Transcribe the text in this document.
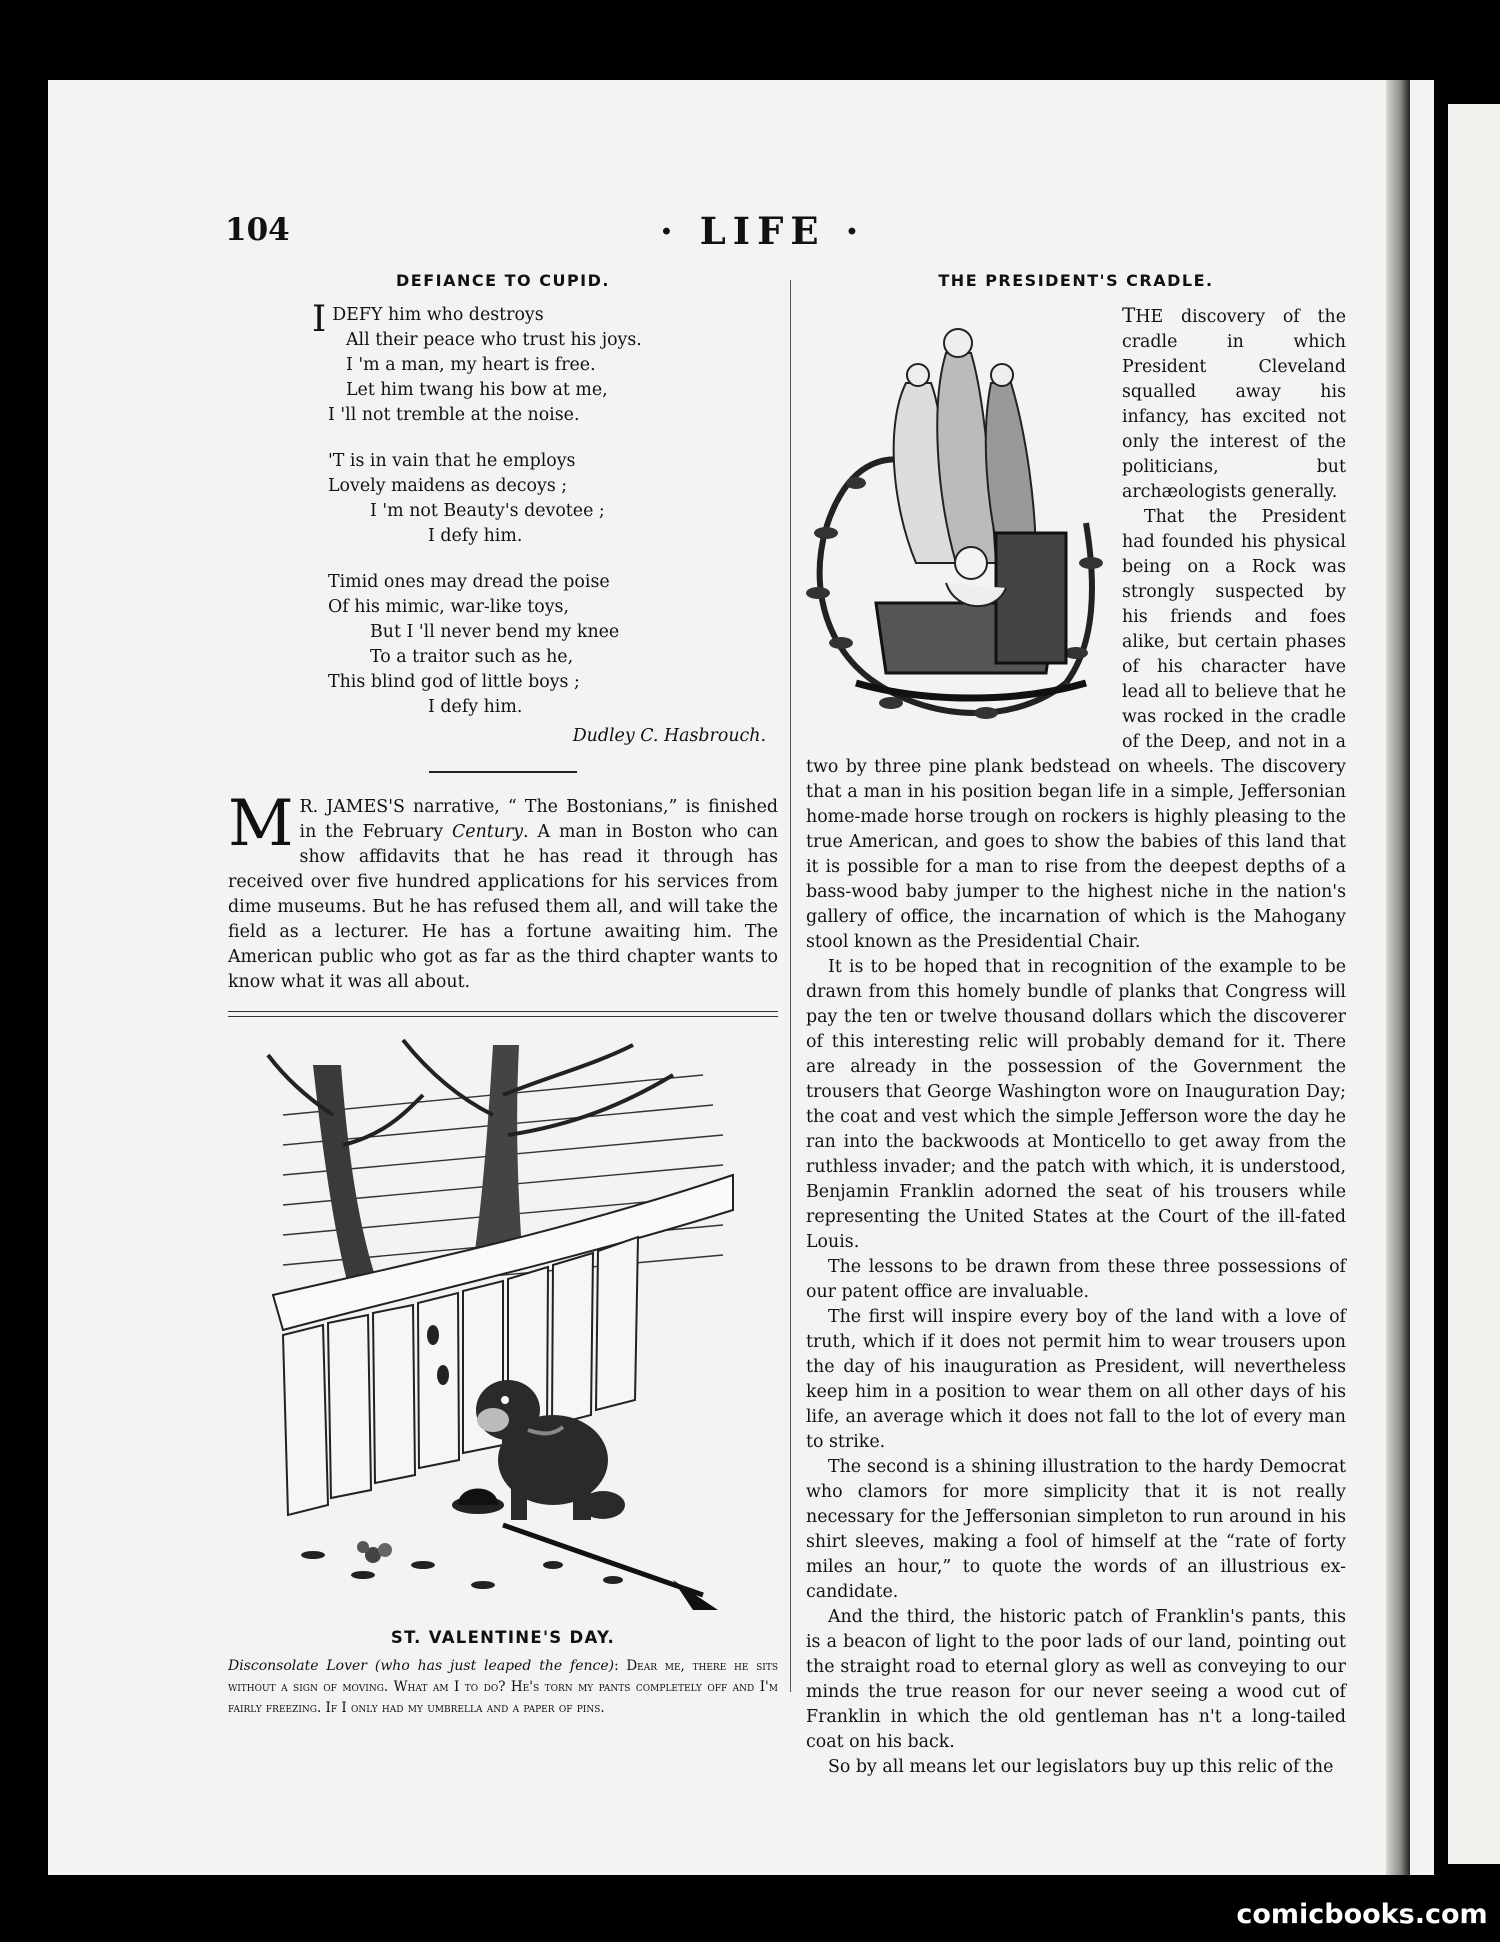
104	· LIFE ·
DEFIANCE TO CUPID.

IDEFY him who destroys

All their peace who trust his joys.

I 'm a man, my heart is free.

Let him twang his bow at me,

I 'll not tremble at the noise.

'T is in vain that he employs

Lovely maidens as decoys ;

I 'm not Beauty's devotee ;

I defy him.

Timid ones may dread the poise

Of his mimic, war-like toys,

But I 'll never bend my knee

To a traitor such as he,

This blind god of little boys ;

I defy him.

Dudley C. Hasbrouch.
M R. JAMES'S narrative, “ The Bostonians,” is finished in the February Century. A man in Boston who can show affidavits that he has read it through has received over five hundred applications for his services from dime museums. But he has refused them all, and will take the field as a lecturer. He has a fortune awaiting him. The American public who got as far as the third chapter wants to know what it was all about.
ST. VALENTINE'S DAY.
Disconsolate Lover (who has just leaped the fence): Dear me, there he sits without a sign of moving. What am I to do? He's torn my pants completely off and I'm fairly freezing. If I only had my umbrella and a paper of pins.
THE PRESIDENT'S CRADLE.

THE discovery of the cradle in which President Cleveland squalled away his infancy, has excited not only the interest of the politicians, but archæologists generally.

That the President had founded his physical being on a Rock was strongly suspected by his friends and foes alike, but certain phases of his character have lead all to believe that he was rocked in the cradle of the Deep, and not in a two by three pine plank bedstead on wheels. The discovery that a man in his position began life in a simple, Jeffersonian home-made horse trough on rockers is highly pleasing to the true American, and goes to show the babies of this land that it is possible for a man to rise from the deepest depths of a bass-wood baby jumper to the highest niche in the nation's gallery of office, the incarnation of which is the Mahogany stool known as the Presidential Chair.

It is to be hoped that in recognition of the example to be drawn from this homely bundle of planks that Congress will pay the ten or twelve thousand dollars which the discoverer of this interesting relic will probably demand for it. There are already in the possession of the Government the trousers that George Washington wore on Inauguration Day; the coat and vest which the simple Jefferson wore the day he ran into the backwoods at Monticello to get away from the ruthless invader; and the patch with which, it is understood, Benjamin Franklin adorned the seat of his trousers while representing the United States at the Court of the ill-fated Louis.

The lessons to be drawn from these three possessions of our patent office are invaluable.

The first will inspire every boy of the land with a love of truth, which if it does not permit him to wear trousers upon the day of his inauguration as President, will nevertheless keep him in a position to wear them on all other days of his life, an average which it does not fall to the lot of every man to strike.

The second is a shining illustration to the hardy Democrat who clamors for more simplicity that it is not really necessary for the Jeffersonian simpleton to run around in his shirt sleeves, making a fool of himself at the “rate of forty miles an hour,” to quote the words of an illustrious ex-candidate.

And the third, the historic patch of Franklin's pants, this is a beacon of light to the poor lads of our land, pointing out the straight road to eternal glory as well as conveying to our minds the true reason for our never seeing a wood cut of Franklin in which the old gentleman has n't a long-tailed coat on his back.

So by all means let our legislators buy up this relic of the

comicbooks.com
